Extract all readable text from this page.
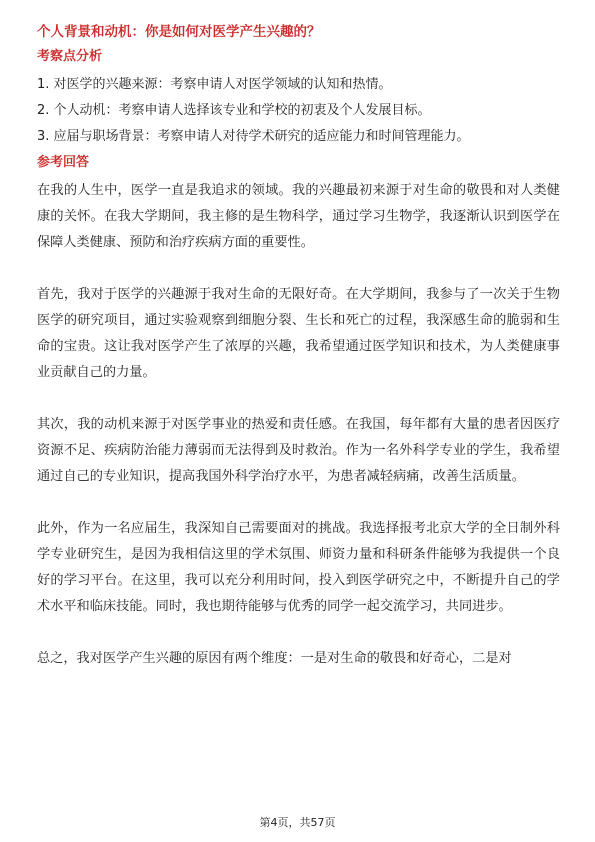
个人背景和动机：你是如何对医学产生兴趣的？
考察点分析

1. 对医学的兴趣来源：考察申请人对医学领域的认知和热情。

2. 个人动机：考察申请人选择该专业和学校的初衷及个人发展目标。

3. 应届与职场背景：考察申请人对待学术研究的适应能力和时间管理能力。

参考回答

在我的人生中，医学一直是我追求的领域。我的兴趣最初来源于对生命的敬畏和对人类健康的关怀。在我大学期间，我主修的是生物科学，通过学习生物学，我逐渐认识到医学在保障人类健康、预防和治疗疾病方面的重要性。

首先，我对于医学的兴趣源于我对生命的无限好奇。在大学期间，我参与了一次关于生物医学的研究项目，通过实验观察到细胞分裂、生长和死亡的过程，我深感生命的脆弱和生命的宝贵。这让我对医学产生了浓厚的兴趣，我希望通过医学知识和技术，为人类健康事业贡献自己的力量。

其次，我的动机来源于对医学事业的热爱和责任感。在我国，每年都有大量的患者因医疗资源不足、疾病防治能力薄弱而无法得到及时救治。作为一名外科学专业的学生，我希望通过自己的专业知识，提高我国外科学治疗水平，为患者减轻病痛，改善生活质量。

此外，作为一名应届生，我深知自己需要面对的挑战。我选择报考北京大学的全日制外科学专业研究生，是因为我相信这里的学术氛围、师资力量和科研条件能够为我提供一个良好的学习平台。在这里，我可以充分利用时间，投入到医学研究之中，不断提升自己的学术水平和临床技能。同时，我也期待能够与优秀的同学一起交流学习，共同进步。

总之，我对医学产生兴趣的原因有两个维度：一是对生命的敬畏和好奇心，二是对

第4页，共57页
